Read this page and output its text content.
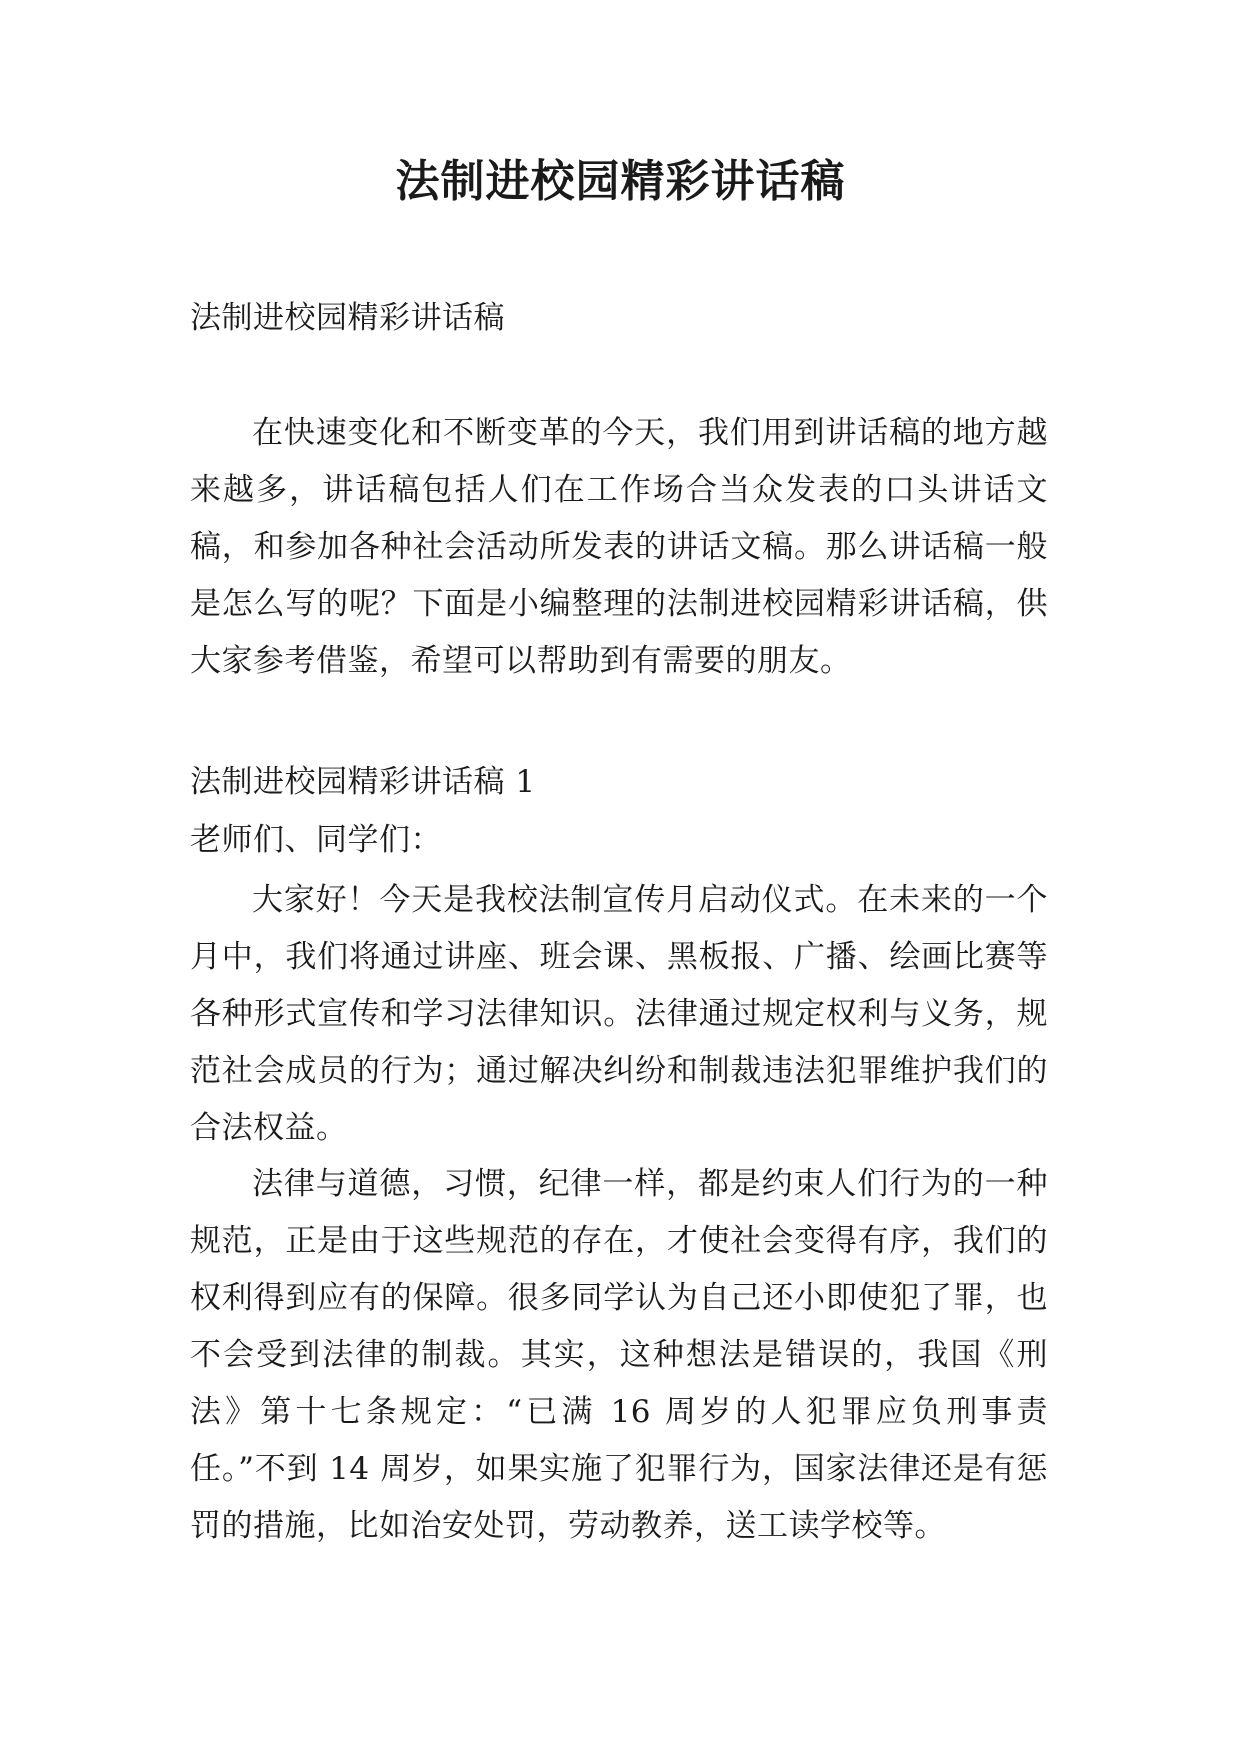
法制进校园精彩讲话稿

法制进校园精彩讲话稿

在快速变化和不断变革的今天，我们用到讲话稿的地方越来越多，讲话稿包括人们在工作场合当众发表的口头讲话文稿，和参加各种社会活动所发表的讲话文稿。那么讲话稿一般是怎么写的呢？下面是小编整理的法制进校园精彩讲话稿，供大家参考借鉴，希望可以帮助到有需要的朋友。

法制进校园精彩讲话稿 1

老师们、同学们：

大家好！今天是我校法制宣传月启动仪式。在未来的一个月中，我们将通过讲座、班会课、黑板报、广播、绘画比赛等各种形式宣传和学习法律知识。法律通过规定权利与义务，规范社会成员的行为；通过解决纠纷和制裁违法犯罪维护我们的合法权益。

法律与道德，习惯，纪律一样，都是约束人们行为的一种规范，正是由于这些规范的存在，才使社会变得有序，我们的权利得到应有的保障。很多同学认为自己还小即使犯了罪，也不会受到法律的制裁。其实，这种想法是错误的，我国《刑法》第十七条规定：“已满 16 周岁的人犯罪应负刑事责任。”不到 14 周岁，如果实施了犯罪行为，国家法律还是有惩罚的措施，比如治安处罚，劳动教养，送工读学校等。
